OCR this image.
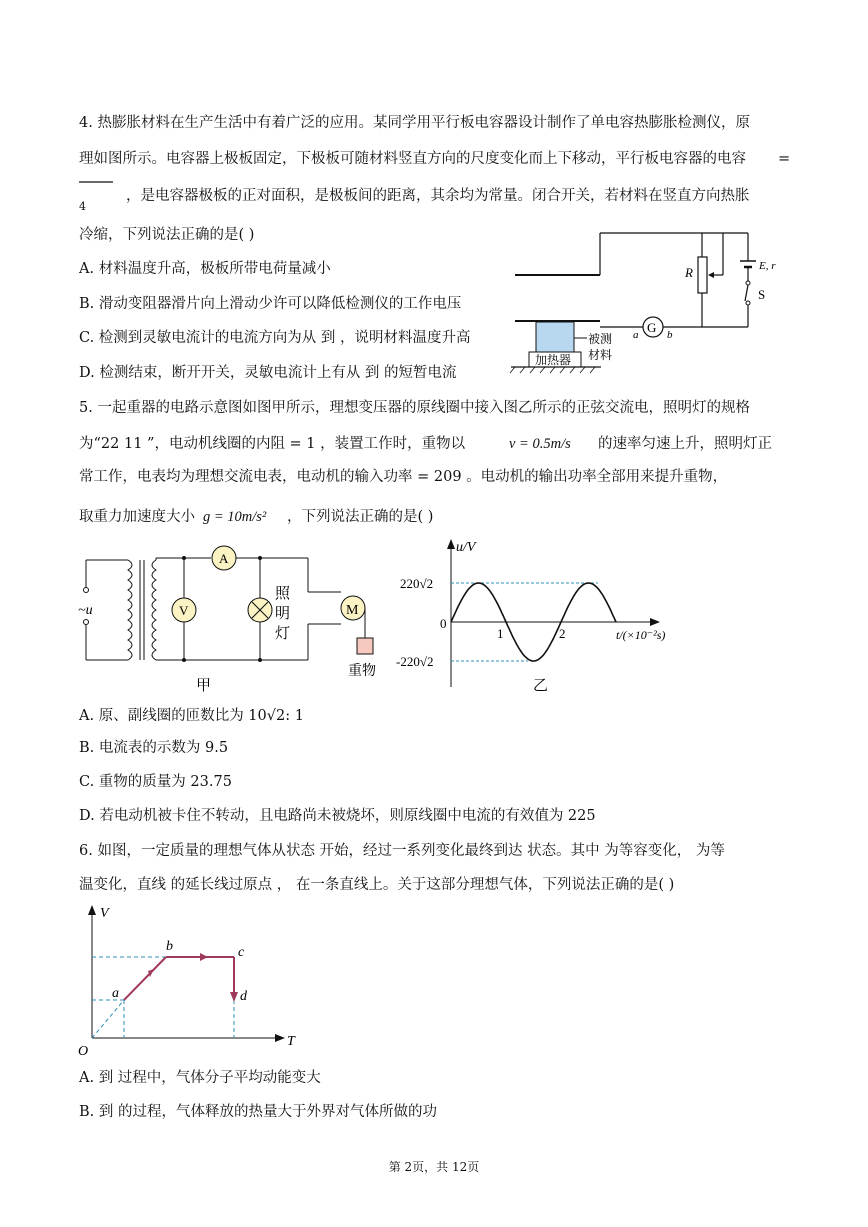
4. 热膨胀材料在生产生活中有着广泛的应用。某同学用平行板电容器设计制作了单电容热膨胀检测仪，原
理如图所示。电容器上极板固定，下极板可随材料竖直方向的尺度变化而上下移动，平行板电容器的电容 =
4
，是电容器极板的正对面积，是极板间的距离，其余均为常量。闭合开关，若材料在竖直方向热胀
冷缩，下列说法正确的是( )
A. 材料温度升高，极板所带电荷量减小
B. 滑动变阻器滑片向上滑动少许可以降低检测仪的工作电压
C. 检测到灵敏电流计的电流方向为从 到 ，说明材料温度升高
D. 检测结束，断开开关，灵敏电流计上有从 到 的短暂电流
R	E, r
S
a G b
被测
材料
加热器
5. 一起重器的电路示意图如图甲所示，理想变压器的原线圈中接入图乙所示的正弦交流电，照明灯的规格
为“22 11 ”，电动机线圈的内阻 = 1 ，装置工作时，重物以	v = 0.5m/s 的速率匀速上升，照明灯正
常工作，电表均为理想交流电表，电动机的输入功率 = 209 。电动机的输出功率全部用来提升重物，
取重力加速度大小 g = 10m/s² ，下列说法正确的是( )
~u
A
V
照
明
灯
M
重物
甲
u/V
t/(×10⁻²s)
0
220√2
-220√2
1	2
乙
A. 原、副线圈的匝数比为 10√2: 1
B. 电流表的示数为 9.5
C. 重物的质量为 23.75
D. 若电动机被卡住不转动，且电路尚未被烧坏，则原线圈中电流的有效值为 225
6. 如图，一定质量的理想气体从状态 开始，经过一系列变化最终到达 状态。其中 为等容变化， 为等
温变化，直线 的延长线过原点 ， 在一条直线上。关于这部分理想气体，下列说法正确的是( )
V
T
O
a
b	c
d
A. 到 过程中，气体分子平均动能变大
B. 到 的过程，气体释放的热量大于外界对气体所做的功
第 2页，共 12页
